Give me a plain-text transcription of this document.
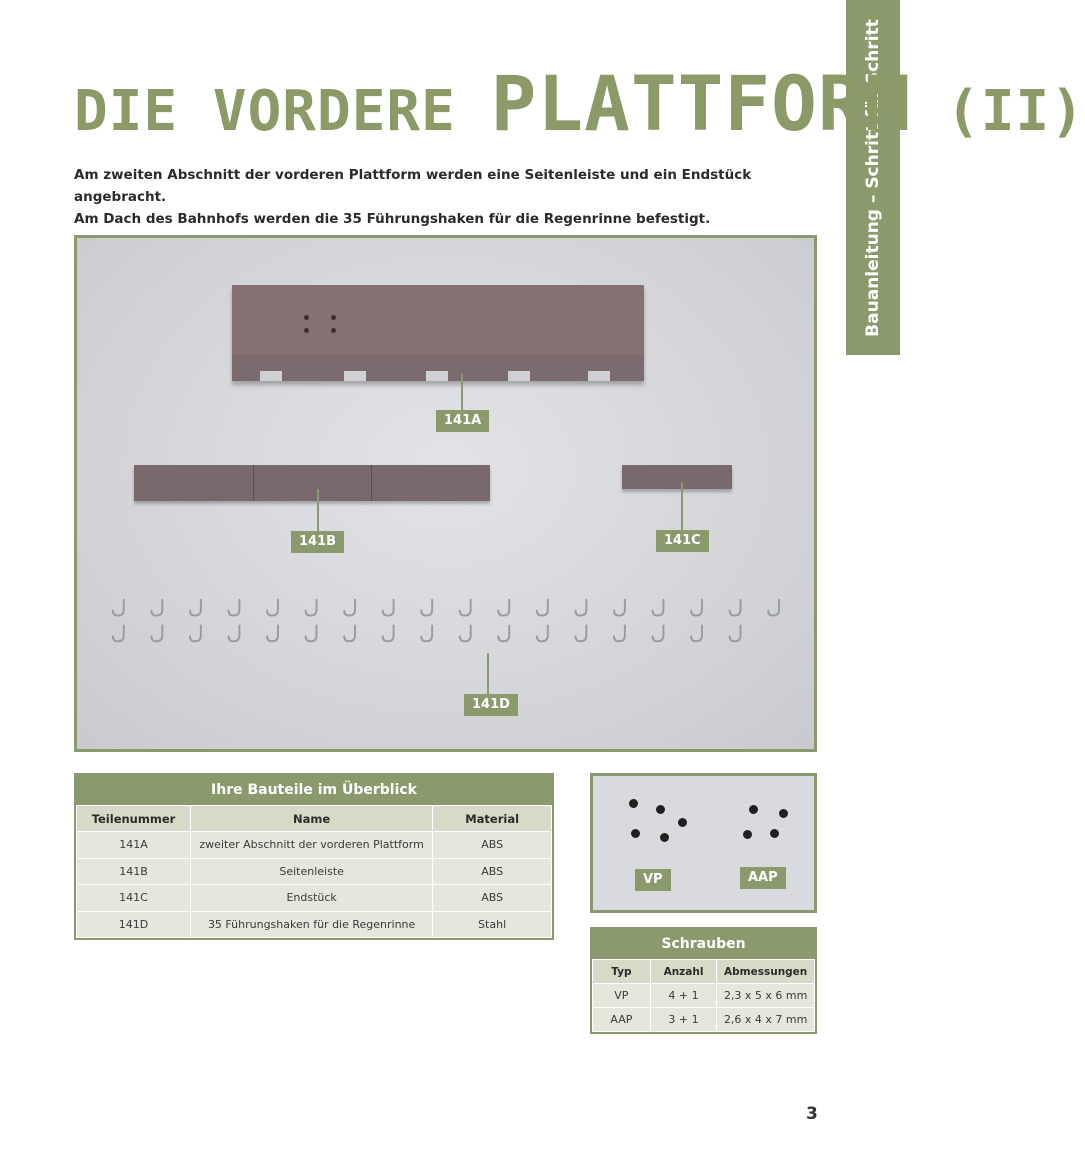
Bauanleitung – Schritt für Schritt
DIE VORDERE PLATTFORM (II)
Am zweiten Abschnitt der vorderen Plattform werden eine Seitenleiste und ein Endstück angebracht.
Am Dach des Bahnhofs werden die 35 Führungshaken für die Regenrinne befestigt.
141A
141B	141C
141D
Ihre Bauteile im Überblick
Teilenummer	Name	Material
141A	zweiter Abschnitt der vorderen Plattform	ABS
141B	Seitenleiste	ABS
141C	Endstück	ABS
141D	35 Führungshaken für die Regenrinne	Stahl
VP	AAP
Schrauben
Typ	Anzahl	Abmessungen
VP	4 + 1	2,3 x 5 x 6 mm
AAP	3 + 1	2,6 x 4 x 7 mm
3
